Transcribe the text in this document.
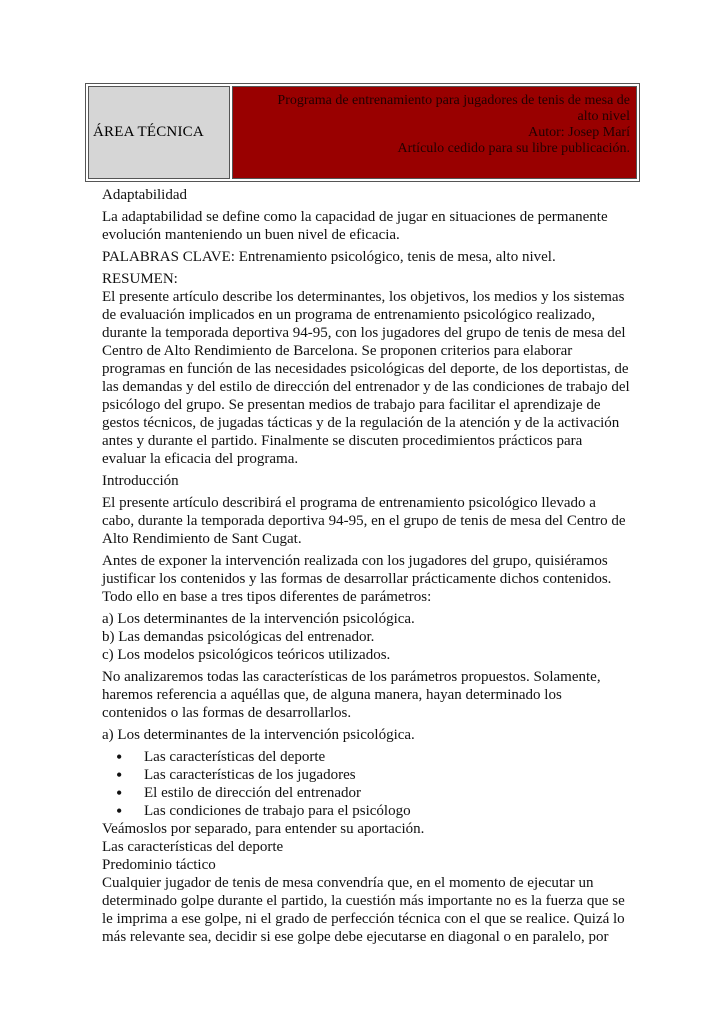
ÁREA TÉCNICA
Programa de entrenamiento para jugadores de tenis de mesa de
alto nivel
Autor: Josep Marí
Artículo cedido para su libre publicación.

Adaptabilidad

La adaptabilidad se define como la capacidad de jugar en situaciones de permanente evolución manteniendo un buen nivel de eficacia.

PALABRAS CLAVE: Entrenamiento psicológico, tenis de mesa, alto nivel.

RESUMEN:

El presente artículo describe los determinantes, los objetivos, los medios y los sistemas de evaluación implicados en un programa de entrenamiento psicológico realizado, durante la temporada deportiva 94-95, con los jugadores del grupo de tenis de mesa del Centro de Alto Rendimiento de Barcelona. Se proponen criterios para elaborar programas en función de las necesidades psicológicas del deporte, de los deportistas, de las demandas y del estilo de dirección del entrenador y de las condiciones de trabajo del psicólogo del grupo. Se presentan medios de trabajo para facilitar el aprendizaje de gestos técnicos, de jugadas tácticas y de la regulación de la atención y de la activación antes y durante el partido. Finalmente se discuten procedimientos prácticos para evaluar la eficacia del programa.

Introducción

El presente artículo describirá el programa de entrenamiento psicológico llevado a cabo, durante la temporada deportiva 94-95, en el grupo de tenis de mesa del Centro de Alto Rendimiento de Sant Cugat.

Antes de exponer la intervención realizada con los jugadores del grupo, quisiéramos justificar los contenidos y las formas de desarrollar prácticamente dichos contenidos. Todo ello en base a tres tipos diferentes de parámetros:

a) Los determinantes de la intervención psicológica.

b) Las demandas psicológicas del entrenador.

c) Los modelos psicológicos teóricos utilizados.

No analizaremos todas las características de los parámetros propuestos. Solamente, haremos referencia a aquéllas que, de alguna manera, hayan determinado los contenidos o las formas de desarrollarlos.

a) Los determinantes de la intervención psicológica.

• Las características del deporte
• Las características de los jugadores
• El estilo de dirección del entrenador
• Las condiciones de trabajo para el psicólogo

Veámoslos por separado, para entender su aportación.

Las características del deporte

Predominio táctico

Cualquier jugador de tenis de mesa convendría que, en el momento de ejecutar un determinado golpe durante el partido, la cuestión más importante no es la fuerza que se le imprima a ese golpe, ni el grado de perfección técnica con el que se realice. Quizá lo más relevante sea, decidir si ese golpe debe ejecutarse en diagonal o en paralelo, por
